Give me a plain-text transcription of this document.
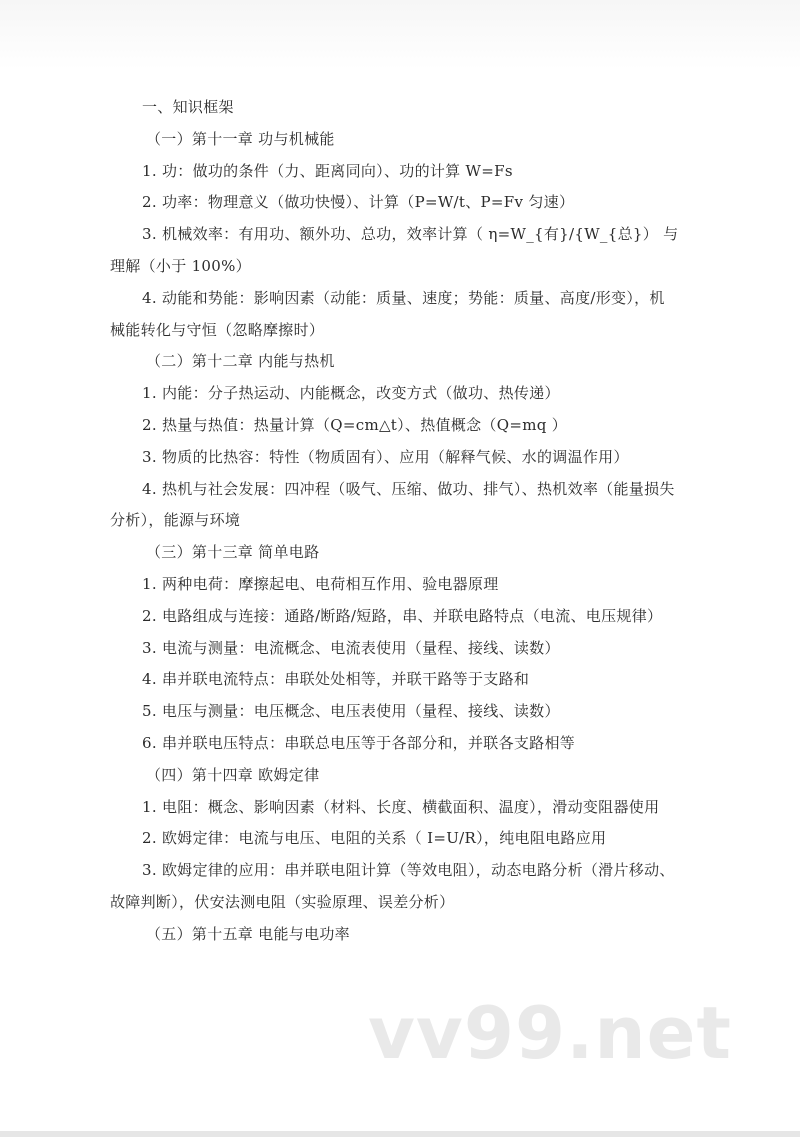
一、知识框架

（一）第十一章 功与机械能

1. 功：做功的条件（力、距离同向）、功的计算 W=Fs

2. 功率：物理意义（做功快慢）、计算（P=W/t、P=Fv 匀速）

3. 机械效率：有用功、额外功、总功，效率计算（ η=W_{有}/{W_{总}） 与理解（小于 100%）

4. 动能和势能：影响因素（动能：质量、速度；势能：质量、高度/形变），机械能转化与守恒（忽略摩擦时）

（二）第十二章 内能与热机

1. 内能：分子热运动、内能概念，改变方式（做功、热传递）

2. 热量与热值：热量计算（Q=cm△t）、热值概念（Q=mq ）

3. 物质的比热容：特性（物质固有）、应用（解释气候、水的调温作用）

4. 热机与社会发展：四冲程（吸气、压缩、做功、排气）、热机效率（能量损失分析），能源与环境

（三）第十三章 简单电路

1. 两种电荷：摩擦起电、电荷相互作用、验电器原理

2. 电路组成与连接：通路/断路/短路，串、并联电路特点（电流、电压规律）

3. 电流与测量：电流概念、电流表使用（量程、接线、读数）

4. 串并联电流特点：串联处处相等，并联干路等于支路和

5. 电压与测量：电压概念、电压表使用（量程、接线、读数）

6. 串并联电压特点：串联总电压等于各部分和，并联各支路相等

（四）第十四章 欧姆定律

1. 电阻：概念、影响因素（材料、长度、横截面积、温度），滑动变阻器使用

2. 欧姆定律：电流与电压、电阻的关系（ I=U/R），纯电阻电路应用

3. 欧姆定律的应用：串并联电阻计算（等效电阻），动态电路分析（滑片移动、故障判断），伏安法测电阻（实验原理、误差分析）

（五）第十五章 电能与电功率

vv99.net
